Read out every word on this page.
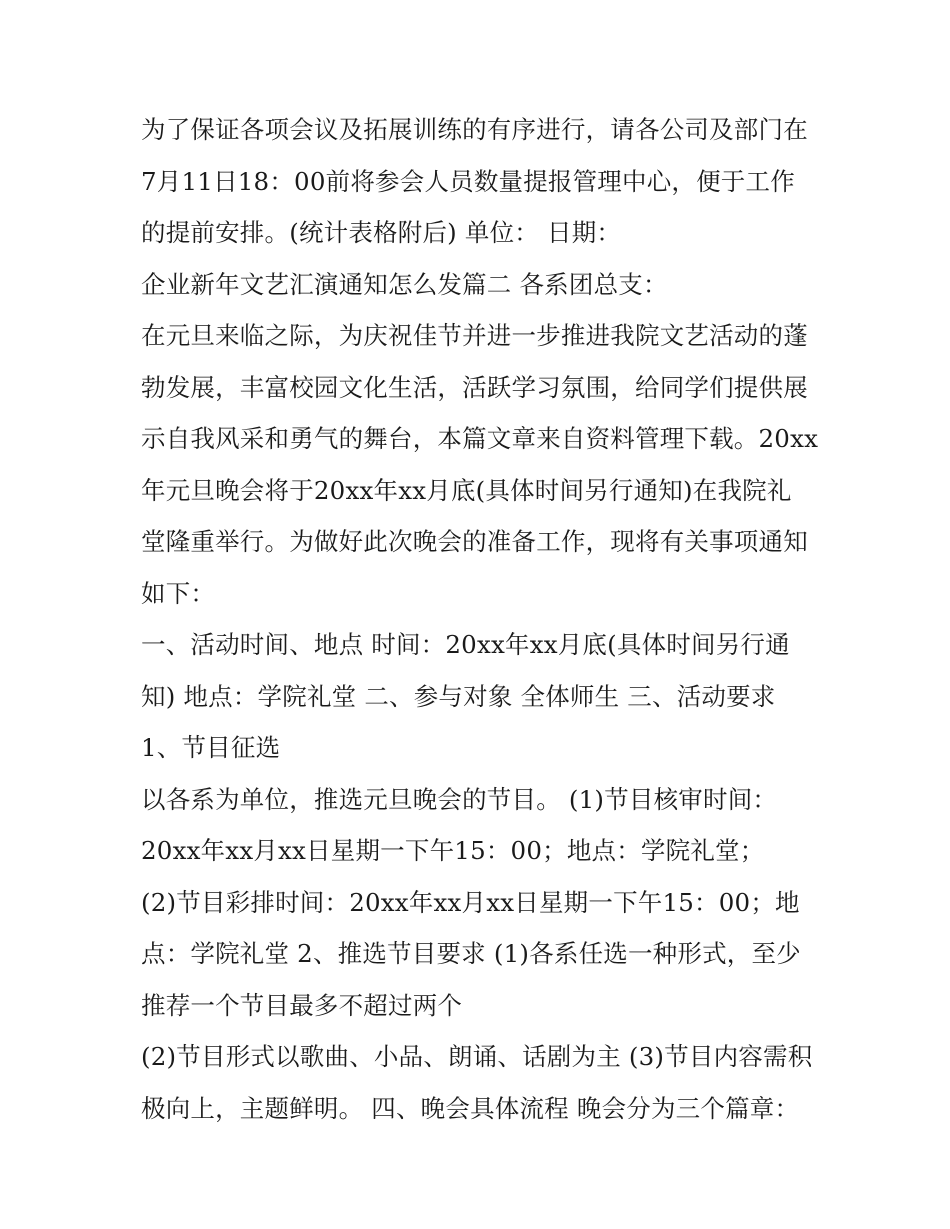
为了保证各项会议及拓展训练的有序进行，请各公司及部门在
7月11日18：00前将参会人员数量提报管理中心，便于工作
的提前安排。(统计表格附后) 单位： 日期：
企业新年文艺汇演通知怎么发篇二 各系团总支：
在元旦来临之际，为庆祝佳节并进一步推进我院文艺活动的蓬
勃发展，丰富校园文化生活，活跃学习氛围，给同学们提供展
示自我风采和勇气的舞台，本篇文章来自资料管理下载。20xx
年元旦晚会将于20xx年xx月底(具体时间另行通知)在我院礼
堂隆重举行。为做好此次晚会的准备工作，现将有关事项通知
如下：
一、活动时间、地点 时间：20xx年xx月底(具体时间另行通
知) 地点：学院礼堂 二、参与对象 全体师生 三、活动要求
1、节目征选
以各系为单位，推选元旦晚会的节目。 (1)节目核审时间：
20xx年xx月xx日星期一下午15：00；地点：学院礼堂；
(2)节目彩排时间：20xx年xx月xx日星期一下午15：00；地
点：学院礼堂 2、推选节目要求 (1)各系任选一种形式，至少
推荐一个节目最多不超过两个
(2)节目形式以歌曲、小品、朗诵、话剧为主 (3)节目内容需积
极向上，主题鲜明。 四、晚会具体流程 晚会分为三个篇章：
